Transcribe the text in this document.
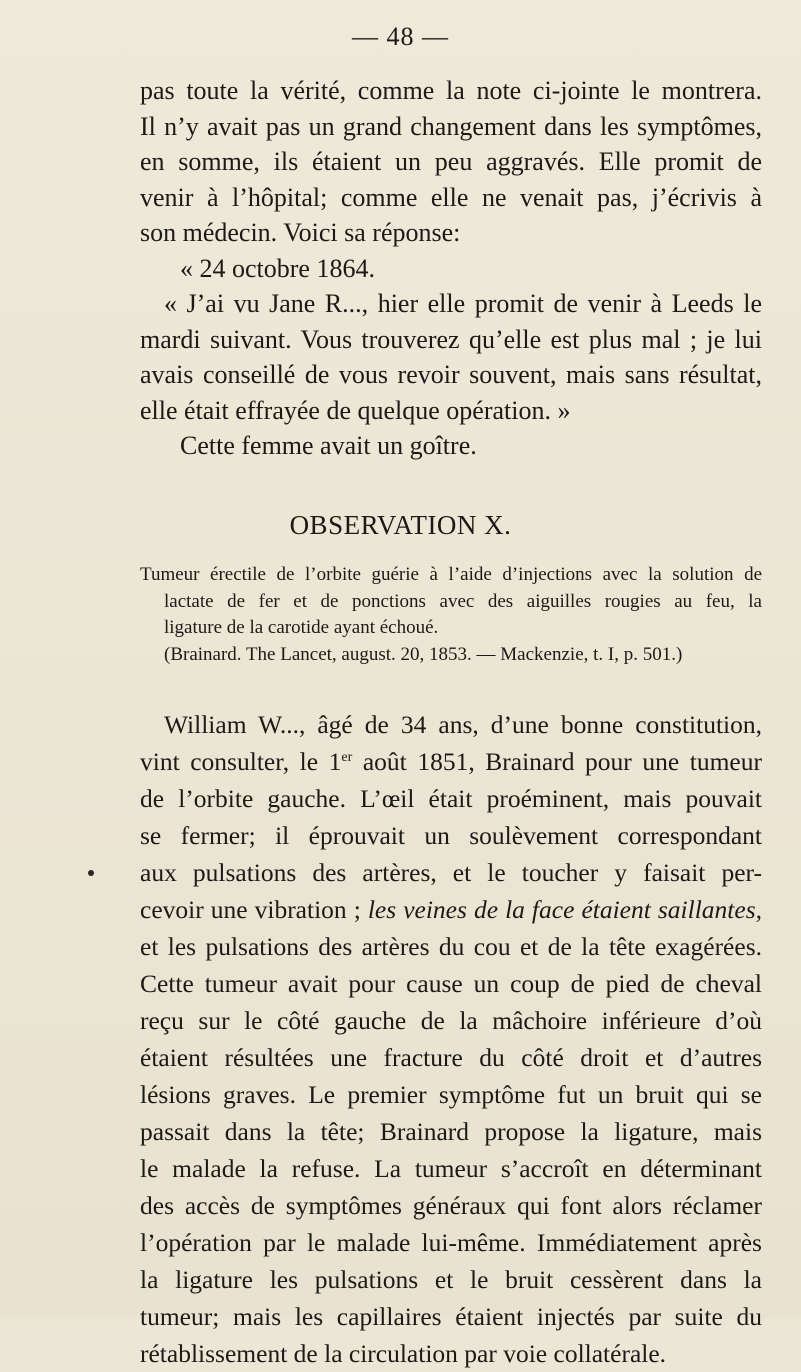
— 48 —
pas toute la vérité, comme la note ci-jointe le montrera.
Il n’y avait pas un grand changement dans les symptômes,
en somme, ils étaient un peu aggravés. Elle promit de
venir à l’hôpital; comme elle ne venait pas, j’écrivis à
son médecin. Voici sa réponse:
« 24 octobre 1864.
« J’ai vu Jane R..., hier elle promit de venir à Leeds le
mardi suivant. Vous trouverez qu’elle est plus mal ; je lui
avais conseillé de vous revoir souvent, mais sans résultat,
elle était effrayée de quelque opération. »
Cette femme avait un goître.
OBSERVATION X.
Tumeur érectile de l’orbite guérie à l’aide d’injections avec la solution de
lactate de fer et de ponctions avec des aiguilles rougies au feu, la
ligature de la carotide ayant échoué.
(Brainard. The Lancet, august. 20, 1853. — Mackenzie, t. I, p. 501.)
William W..., âgé de 34 ans, d’une bonne constitution,
vint consulter, le 1er août 1851, Brainard pour une tumeur
de l’orbite gauche. L’œil était proéminent, mais pouvait
se fermer; il éprouvait un soulèvement correspondant
aux pulsations des artères, et le toucher y faisait per-
cevoir une vibration ; les veines de la face étaient saillantes,
et les pulsations des artères du cou et de la tête exagérées.
Cette tumeur avait pour cause un coup de pied de cheval
reçu sur le côté gauche de la mâchoire inférieure d’où
étaient résultées une fracture du côté droit et d’autres
lésions graves. Le premier symptôme fut un bruit qui se
passait dans la tête; Brainard propose la ligature, mais
le malade la refuse. La tumeur s’accroît en déterminant
des accès de symptômes généraux qui font alors réclamer
l’opération par le malade lui-même. Immédiatement après
la ligature les pulsations et le bruit cessèrent dans la
tumeur; mais les capillaires étaient injectés par suite du
rétablissement de la circulation par voie collatérale.
